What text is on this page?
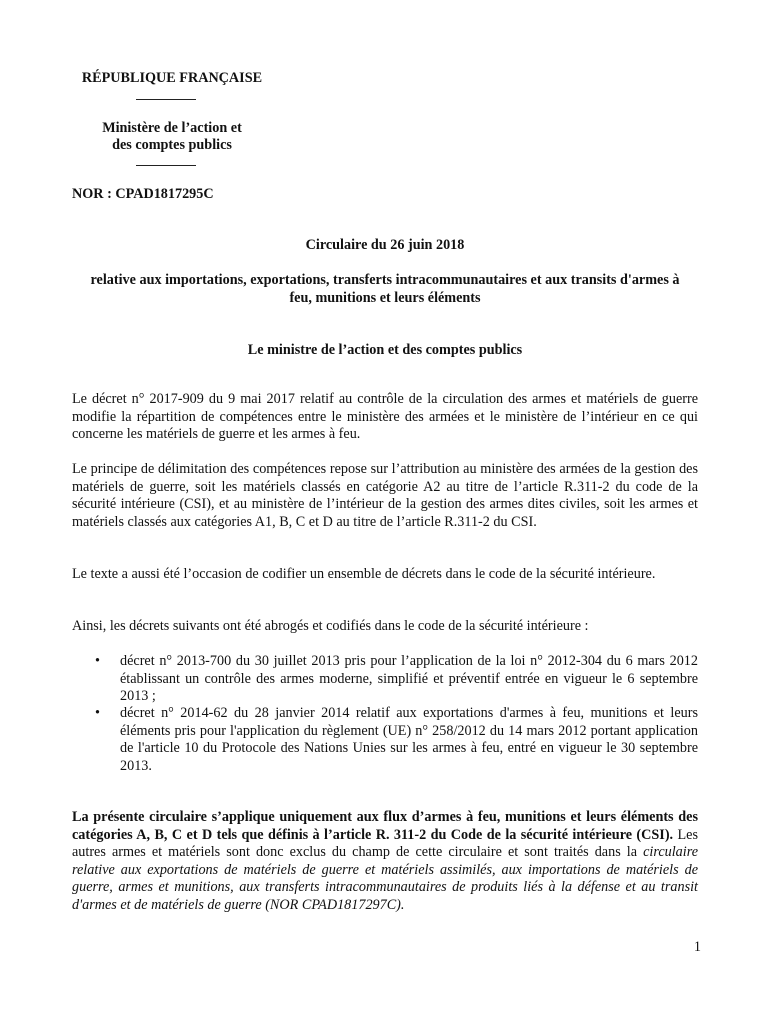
RÉPUBLIQUE FRANÇAISE
Ministère de l’action et
des comptes publics
NOR : CPAD1817295C
Circulaire du 26 juin 2018
relative aux importations, exportations, transferts intracommunautaires et aux transits d'armes à feu, munitions et leurs éléments
Le ministre de l’action et des comptes publics
Le décret n° 2017-909 du 9 mai 2017 relatif au contrôle de la circulation des armes et matériels de guerre modifie la répartition de compétences entre le ministère des armées et le ministère de l’intérieur en ce qui concerne les matériels de guerre et les armes à feu.
Le principe de délimitation des compétences repose sur l’attribution au ministère des armées de la gestion des matériels de guerre, soit les matériels classés en catégorie A2 au titre de l’article R.311-2 du code de la sécurité intérieure (CSI), et au ministère de l’intérieur de la gestion des armes dites civiles, soit les armes et matériels classés aux catégories A1, B, C et D au titre de l’article R.311-2 du CSI.
Le texte a aussi été l’occasion de codifier un ensemble de décrets dans le code de la sécurité intérieure.
Ainsi, les décrets suivants ont été abrogés et codifiés dans le code de la sécurité intérieure :
• décret n° 2013-700 du 30 juillet 2013 pris pour l’application de la loi n° 2012-304 du 6 mars 2012 établissant un contrôle des armes moderne, simplifié et préventif entrée en vigueur le 6 septembre 2013 ;
• décret n° 2014-62 du 28 janvier 2014 relatif aux exportations d'armes à feu, munitions et leurs éléments pris pour l'application du règlement (UE) n° 258/2012 du 14 mars 2012 portant application de l'article 10 du Protocole des Nations Unies sur les armes à feu, entré en vigueur le 30 septembre 2013.
La présente circulaire s’applique uniquement aux flux d’armes à feu, munitions et leurs éléments des catégories A, B, C et D tels que définis à l’article R. 311-2 du Code de la sécurité intérieure (CSI). Les autres armes et matériels sont donc exclus du champ de cette circulaire et sont traités dans la circulaire relative aux exportations de matériels de guerre et matériels assimilés, aux importations de matériels de guerre, armes et munitions, aux transferts intracommunautaires de produits liés à la défense et au transit d'armes et de matériels de guerre (NOR CPAD1817297C).
1
